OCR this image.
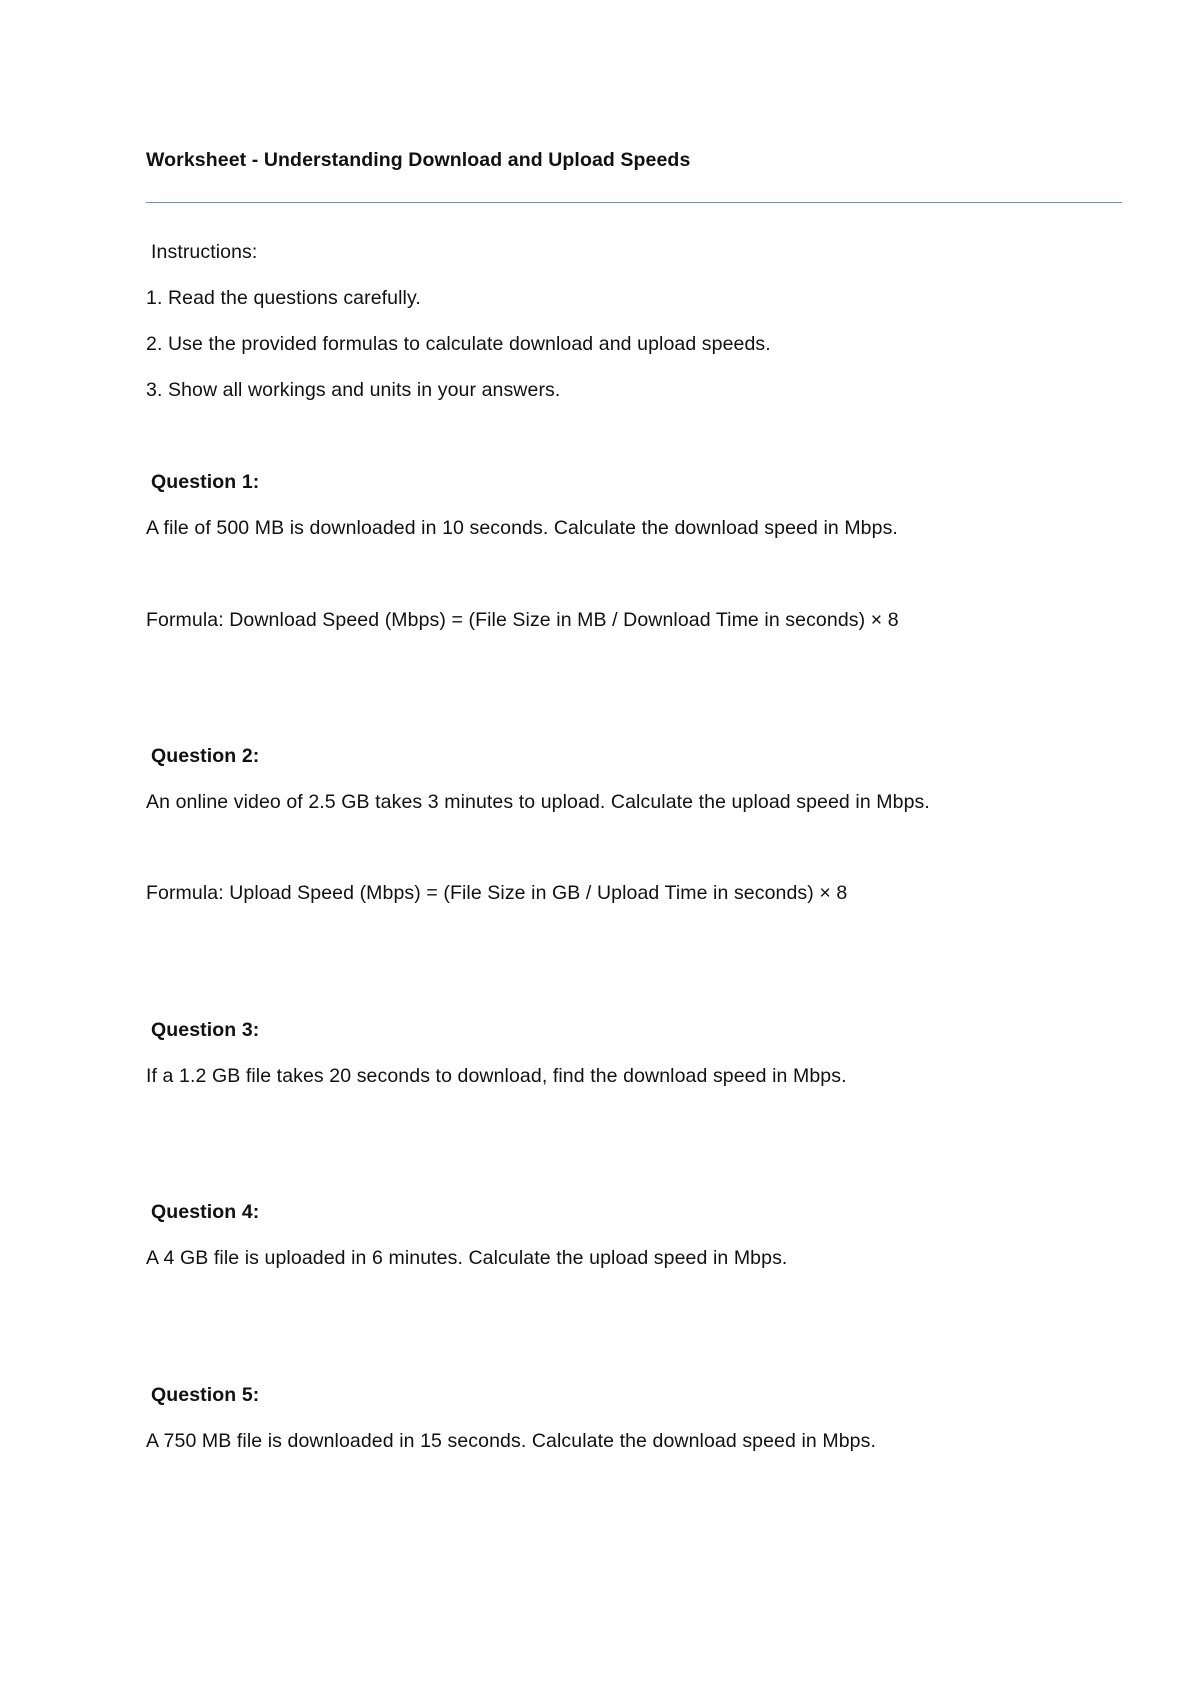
Worksheet - Understanding Download and Upload Speeds
Instructions:
1. Read the questions carefully.
2. Use the provided formulas to calculate download and upload speeds.
3. Show all workings and units in your answers.
Question 1:
A file of 500 MB is downloaded in 10 seconds. Calculate the download speed in Mbps.
Formula: Download Speed (Mbps) = (File Size in MB / Download Time in seconds) × 8
Question 2:
An online video of 2.5 GB takes 3 minutes to upload. Calculate the upload speed in Mbps.
Formula: Upload Speed (Mbps) = (File Size in GB / Upload Time in seconds) × 8
Question 3:
If a 1.2 GB file takes 20 seconds to download, find the download speed in Mbps.
Question 4:
A 4 GB file is uploaded in 6 minutes. Calculate the upload speed in Mbps.
Question 5:
A 750 MB file is downloaded in 15 seconds. Calculate the download speed in Mbps.
